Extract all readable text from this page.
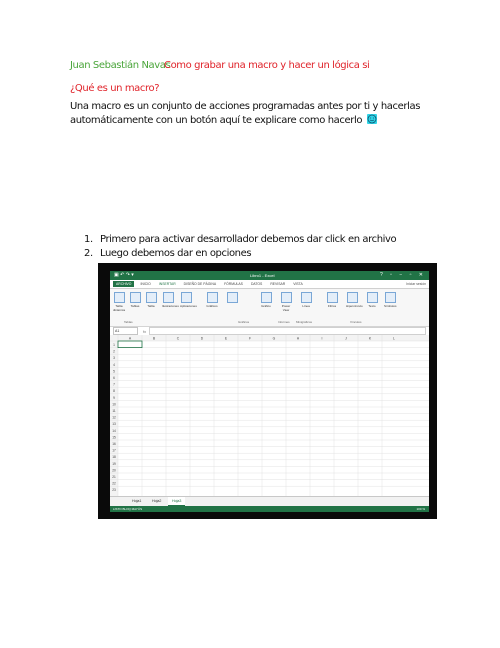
Juan Sebastián Navas
Como grabar una macro y hacer un lógica si
¿Qué es un macro?
Una macro es un conjunto de acciones programadas antes por ti y hacerlas automáticamente con un botón aquí te explicare como hacerlo
1. Primero para activar desarrollador debemos dar click en archivo
2. Luego debemos dar en opciones
▣ ↶ ↷ ▾	Libro1 - Excel	? ▫ − ▫ ✕
ARCHIVO	INICIO INSERTAR DISEÑO DE PÁGINA FÓRMULAS DATOS REVISAR VISTA	Iniciar sesión
Tabla dinámica
Tablas	Tabla	Ilustraciones Aplicaciones	Gráficos	Gráfico	Power View
Línea	Filtros	Hipervínculo	Texto	Símbolos
Tablas	Gráficos	Informes Minigráficos	Vínculos
A1	fx
A	B	C	D	E	F	G	H	I	J	K	L
1
2
3
4
5
6
7
8
9
10
11
12
13
14
15
16
17
18
19
20
21
22
23
Hoja1	Hoja2	Hoja3
LISTO BLOQ MAYÚS	100 %
